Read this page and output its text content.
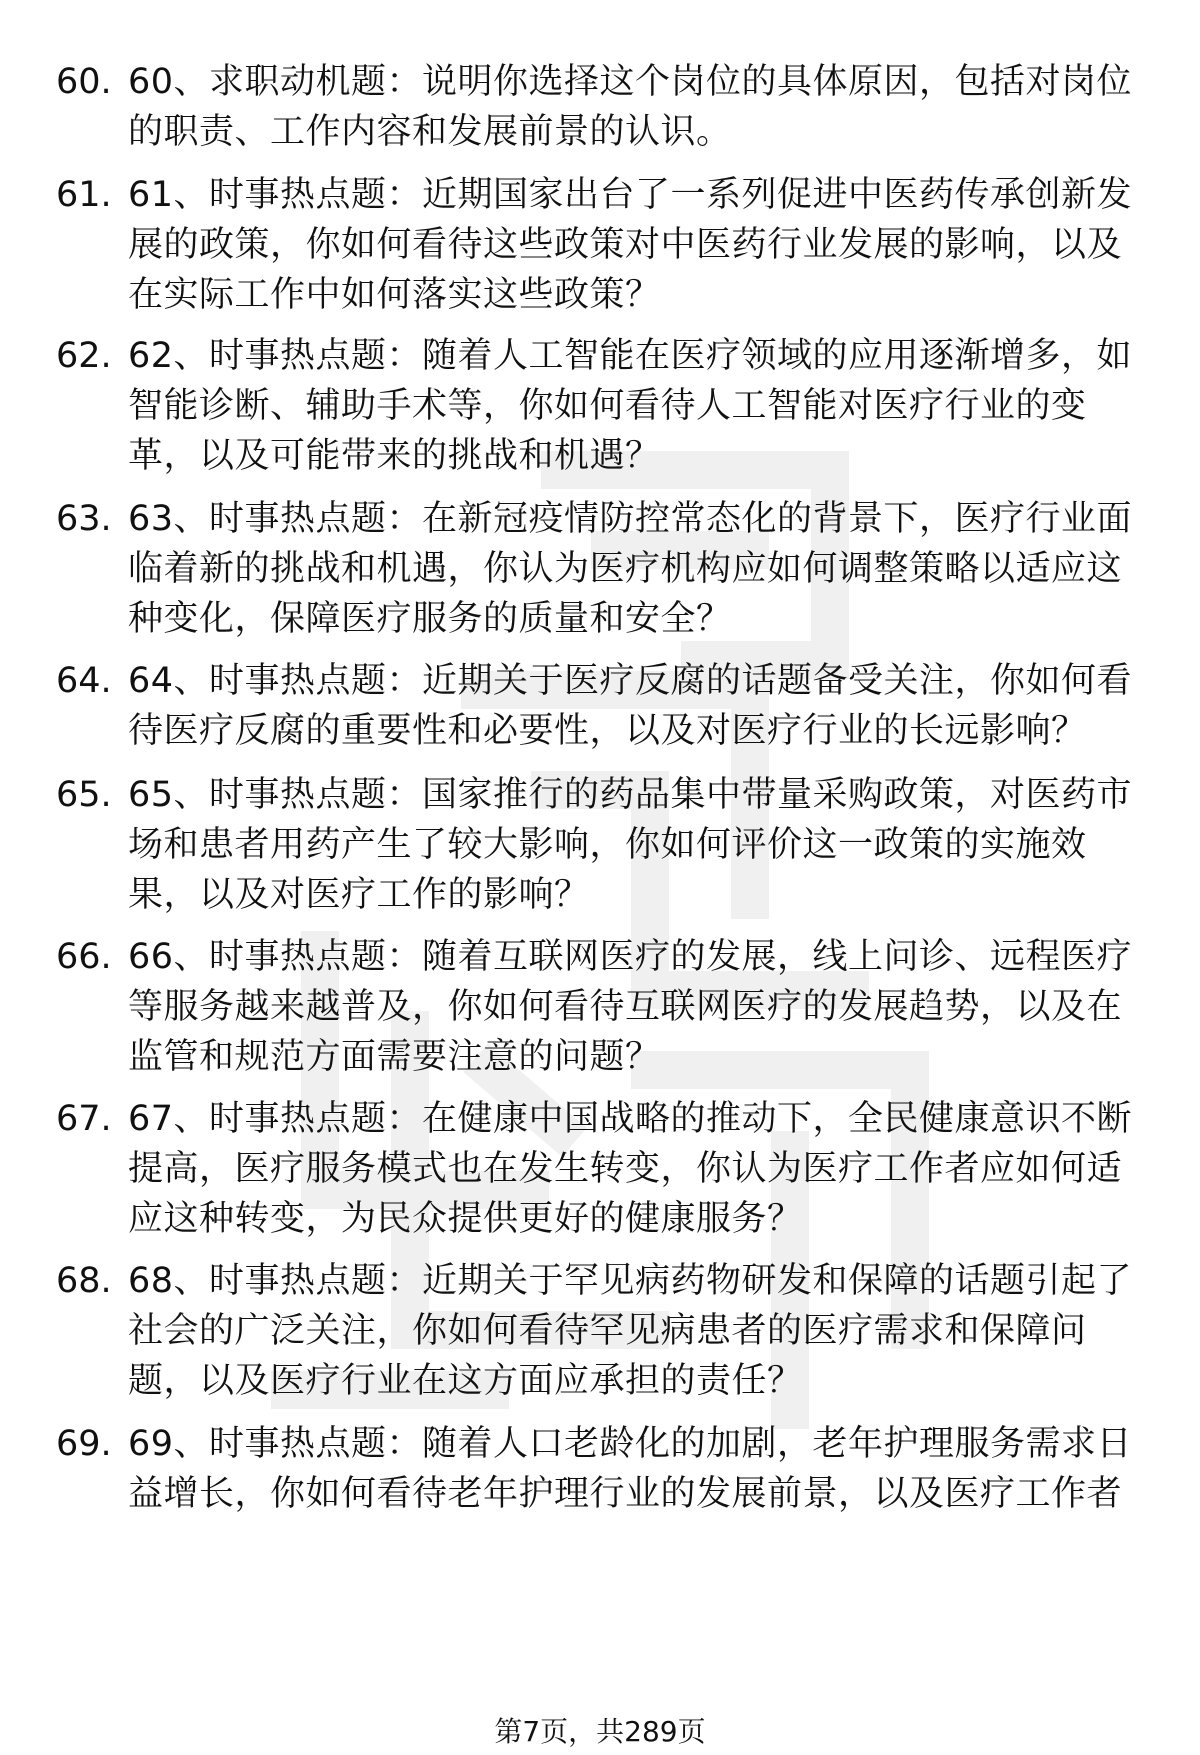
60. 60、求职动机题：说明你选择这个岗位的具体原因，包括对岗位的职责、工作内容和发展前景的认识。
61. 61、时事热点题：近期国家出台了一系列促进中医药传承创新发展的政策，你如何看待这些政策对中医药行业发展的影响，以及在实际工作中如何落实这些政策？
62. 62、时事热点题：随着人工智能在医疗领域的应用逐渐增多，如智能诊断、辅助手术等，你如何看待人工智能对医疗行业的变革，以及可能带来的挑战和机遇？
63. 63、时事热点题：在新冠疫情防控常态化的背景下，医疗行业面临着新的挑战和机遇，你认为医疗机构应如何调整策略以适应这种变化，保障医疗服务的质量和安全？
64. 64、时事热点题：近期关于医疗反腐的话题备受关注，你如何看待医疗反腐的重要性和必要性，以及对医疗行业的长远影响？
65. 65、时事热点题：国家推行的药品集中带量采购政策，对医药市场和患者用药产生了较大影响，你如何评价这一政策的实施效果，以及对医疗工作的影响？
66. 66、时事热点题：随着互联网医疗的发展，线上问诊、远程医疗等服务越来越普及，你如何看待互联网医疗的发展趋势，以及在监管和规范方面需要注意的问题？
67. 67、时事热点题：在健康中国战略的推动下，全民健康意识不断提高，医疗服务模式也在发生转变，你认为医疗工作者应如何适应这种转变，为民众提供更好的健康服务？
68. 68、时事热点题：近期关于罕见病药物研发和保障的话题引起了社会的广泛关注，你如何看待罕见病患者的医疗需求和保障问题，以及医疗行业在这方面应承担的责任？
69. 69、时事热点题：随着人口老龄化的加剧，老年护理服务需求日益增长，你如何看待老年护理行业的发展前景，以及医疗工作者
第7页，共289页
